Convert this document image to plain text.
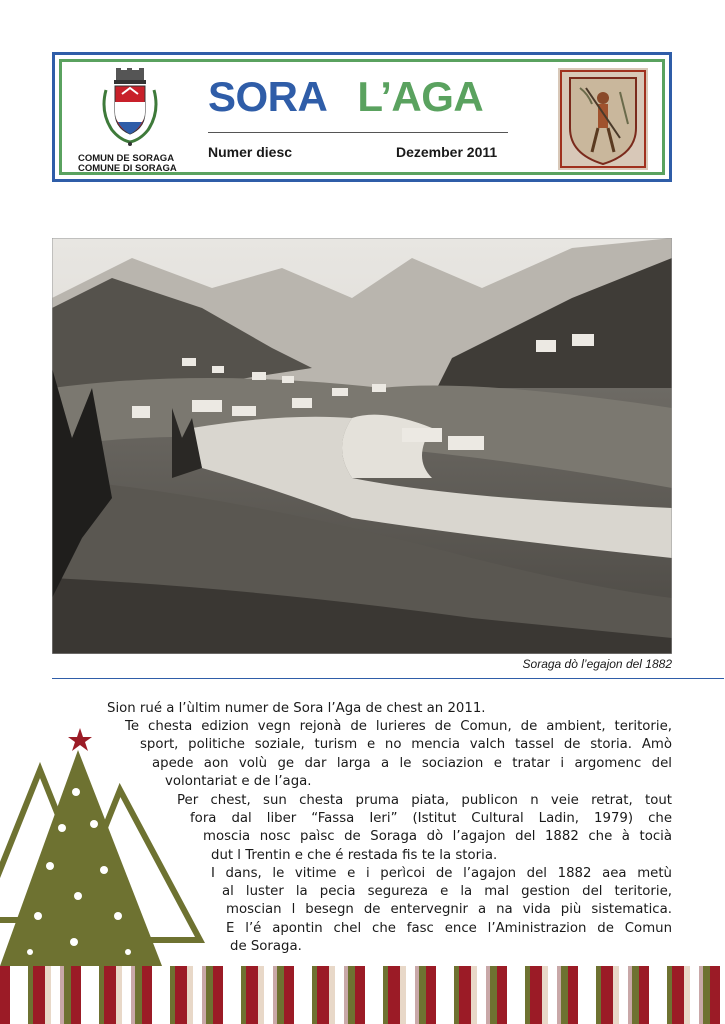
COMUN DE SORAGA
COMUNE DI SORAGA
SORA L’AGA
Numer diesc	Dezember 2011
Soraga dò l’egajon del 1882
Sion rué a l’ùltim numer de Sora l’Aga de chest an 2011.
Te chesta edizion vegn rejonà de lurieres de Comun, de ambient, teritorie,
sport, politiche soziale, turism e no mencia valch tassel de storia. Amò
apede aon volù ge dar larga a le sociazion e tratar i argomenc del
volontariat e de l’aga.
Per chest, sun chesta pruma piata, publicon n veie retrat, tout
fora dal liber “Fassa Ieri” (Istitut Cultural Ladin, 1979) che
moscia nosc paìsc de Soraga dò l’agajon del 1882 che à tocià
dut l Trentin e che é restada fis te la storia.
I dans, le vitime e i perìcoi de l’agajon del 1882 aea metù
al luster la pecia segureza e la mal gestion del teritorie,
moscian l besegn de entervegnir a na vida più sistematica.
E l’é apontin chel che fasc ence l’Aministrazion de Comun
de Soraga.
